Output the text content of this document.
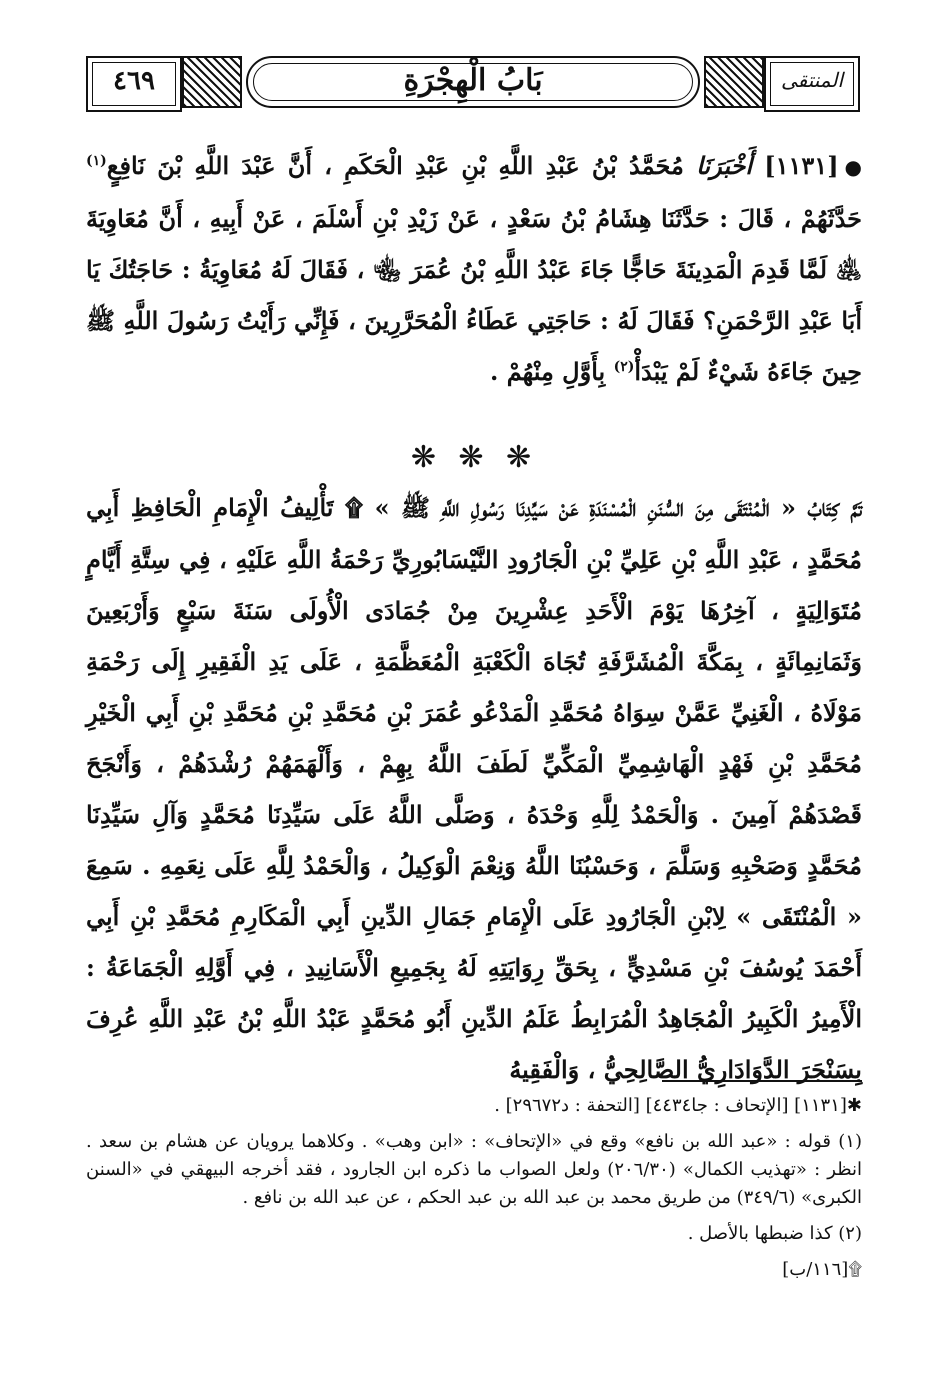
٤٦٩	بَابُ الْهِجْرَةِ	المنتقى
●[١١٣١] أَخْبَرَنَا مُحَمَّدُ بْنُ عَبْدِ اللَّهِ بْنِ عَبْدِ الْحَكَمِ ، أَنَّ عَبْدَ اللَّهِ بْنَ نَافِعٍ$^{(١)}$ حَدَّثَهُمْ ، قَالَ : حَدَّثَنَا هِشَامُ بْنُ سَعْدٍ ، عَنْ زَيْدِ بْنِ أَسْلَمَ ، عَنْ أَبِيهِ ، أَنَّ مُعَاوِيَةَ ﵁ لَمَّا قَدِمَ الْمَدِينَةَ حَاجًّا جَاءَ عَبْدُ اللَّهِ بْنُ عُمَرَ ﵄ ، فَقَالَ لَهُ مُعَاوِيَةُ : حَاجَتُكَ يَا أَبَا عَبْدِ الرَّحْمَنِ؟ فَقَالَ لَهُ : حَاجَتِي عَطَاءُ الْمُحَرَّرِينَ ، فَإِنِّي رَأَيْتُ رَسُولَ اللَّهِ ﷺ حِينَ جَاءَهُ شَيْءٌ لَمْ يَبْدَأْ$^{(٢)}$ بِأَوَّلِ مِنْهُمْ .
❋ ❋ ❋
تَمَّ كِتَابُ « الْمُنْتَقَى مِنَ السُّنَنِ الْمُسْنَدَةِ عَنْ سَيِّدِنَا رَسُولِ اللَّهِ ﷺ » ۩ تَأْلِيفُ الْإِمَامِ الْحَافِظِ أَبِي مُحَمَّدٍ ، عَبْدِ اللَّهِ بْنِ عَلِيِّ بْنِ الْجَارُودِ النَّيْسَابُورِيِّ رَحْمَةُ اللَّهِ عَلَيْهِ ، فِي سِتَّةِ أَيَّامٍ مُتَوَالِيَةٍ ، آخِرُهَا يَوْمَ الْأَحَدِ عِشْرِينَ مِنْ جُمَادَى الْأُولَى سَنَةَ سَبْعٍ وَأَرْبَعِينَ وَثَمَانِمِائَةٍ ، بِمَكَّةَ الْمُشَرَّفَةِ تُجَاهَ الْكَعْبَةِ الْمُعَظَّمَةِ ، عَلَى يَدِ الْفَقِيرِ إِلَى رَحْمَةِ مَوْلَاهُ ، الْغَنِيِّ عَمَّنْ سِوَاهُ مُحَمَّدِ الْمَدْعُو عُمَرَ بْنِ مُحَمَّدِ بْنِ مُحَمَّدِ بْنِ أَبِي الْخَيْرِ مُحَمَّدِ بْنِ فَهْدٍ الْهَاشِمِيِّ الْمَكِّيِّ لَطَفَ اللَّهُ بِهِمْ ، وَأَلْهَمَهُمْ رُشْدَهُمْ ، وَأَنْجَحَ قَصْدَهُمْ آمِينَ . وَالْحَمْدُ لِلَّهِ وَحْدَهُ ، وَصَلَّى اللَّهُ عَلَى سَيِّدِنَا مُحَمَّدٍ وَآلِ سَيِّدِنَا مُحَمَّدٍ وَصَحْبِهِ وَسَلَّمَ ، وَحَسْبُنَا اللَّهُ وَنِعْمَ الْوَكِيلُ ، وَالْحَمْدُ لِلَّهِ عَلَى نِعَمِهِ . سَمِعَ « الْمُنْتَقَى » لِابْنِ الْجَارُودِ عَلَى الْإِمَامِ جَمَالِ الدِّينِ أَبِي الْمَكَارِمِ مُحَمَّدِ بْنِ أَبِي أَحْمَدَ يُوسُفَ بْنِ مَسْدِيٍّ ، بِحَقِّ رِوَايَتِهِ لَهُ بِجَمِيعِ الْأَسَانِيدِ ، فِي أَوَّلِهِ الْجَمَاعَةُ : الْأَمِيرُ الْكَبِيرُ الْمُجَاهِدُ الْمُرَابِطُ عَلَمُ الدِّينِ أَبُو مُحَمَّدٍ عَبْدُ اللَّهِ بْنُ عَبْدِ اللَّهِ عُرِفَ بِسَنْجَرَ الدَّوَادَارِيُّ الصَّالِحِيُّ ، وَالْفَقِيهُ
✱[١١٣١] [الإتحاف : جا٤٤٣٤] [التحفة : د٢٩٦٧٢] .
(١) قوله : «عبد الله بن نافع» وقع في «الإتحاف» : «ابن وهب» . وكلاهما يرويان عن هشام بن سعد . انظر : «تهذيب الكمال» (٢٠٦/٣٠) ولعل الصواب ما ذكره ابن الجارود ، فقد أخرجه البيهقي في «السنن الكبرى» (٣٤٩/٦) من طريق محمد بن عبد الله بن عبد الحكم ، عن عبد الله بن نافع .
(٢) كذا ضبطها بالأصل .
۩[١١٦/ب]
